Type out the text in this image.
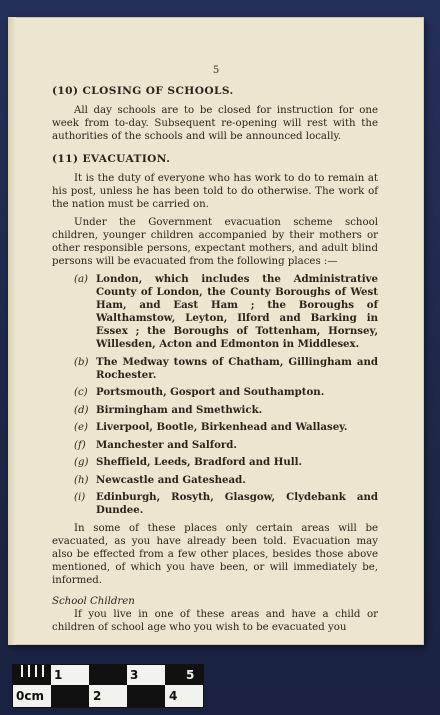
5
(10) CLOSING OF SCHOOLS.

All day schools are to be closed for instruction for one week from to-day. Subsequent re-opening will rest with the authorities of the schools and will be announced locally.

(11) EVACUATION.

It is the duty of everyone who has work to do to remain at his post, unless he has been told to do otherwise. The work of the nation must be carried on.

Under the Government evacuation scheme school children, younger children accompanied by their mothers or other responsible persons, expectant mothers, and adult blind persons will be evacuated from the following places :—

(a) London, which includes the Administrative County of London, the County Boroughs of West Ham, and East Ham ; the Boroughs of Walthamstow, Leyton, Ilford and Barking in Essex ; the Boroughs of Tottenham, Hornsey, Willesden, Acton and Edmonton in Middlesex.
(b) The Medway towns of Chatham, Gillingham and Rochester.
(c) Portsmouth, Gosport and Southampton.
(d) Birmingham and Smethwick.
(e) Liverpool, Bootle, Birkenhead and Wallasey.
(f) Manchester and Salford.
(g) Sheffield, Leeds, Bradford and Hull.
(h) Newcastle and Gateshead.
(i) Edinburgh, Rosyth, Glasgow, Clydebank and Dundee.

In some of these places only certain areas will be evacuated, as you have already been told. Evacuation may also be effected from a few other places, besides those above mentioned, of which you have been, or will immediately be, informed.

School Children

If you live in one of these areas and have a child or children of school age who you wish to be evacuated you

1	3	5
0cm	2	4
